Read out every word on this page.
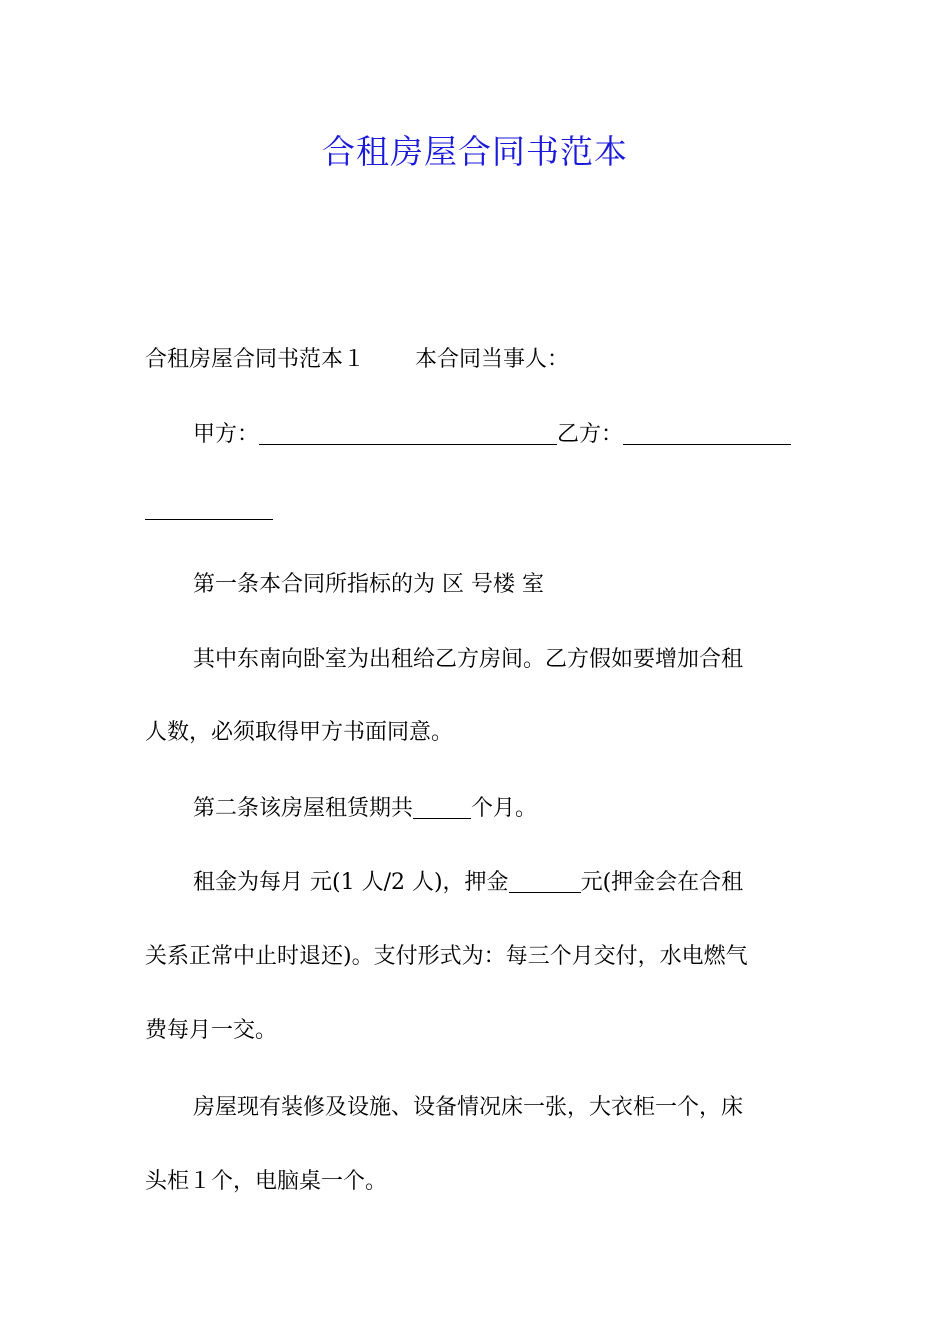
合租房屋合同书范本
合租房屋合同书范本１ 本合同当事人：
甲方：	乙方：
第一条本合同所指标的为 区 号楼 室
其中东南向卧室为出租给乙方房间。乙方假如要增加合租
人数，必须取得甲方书面同意。
第二条该房屋租赁期共	个月。
租金为每月 元(1 人/2 人)，押金	元(押金会在合租
关系正常中止时退还)。支付形式为：每三个月交付，水电燃气
费每月一交。
房屋现有装修及设施、设备情况床一张，大衣柜一个，床
头柜１个，电脑桌一个。
